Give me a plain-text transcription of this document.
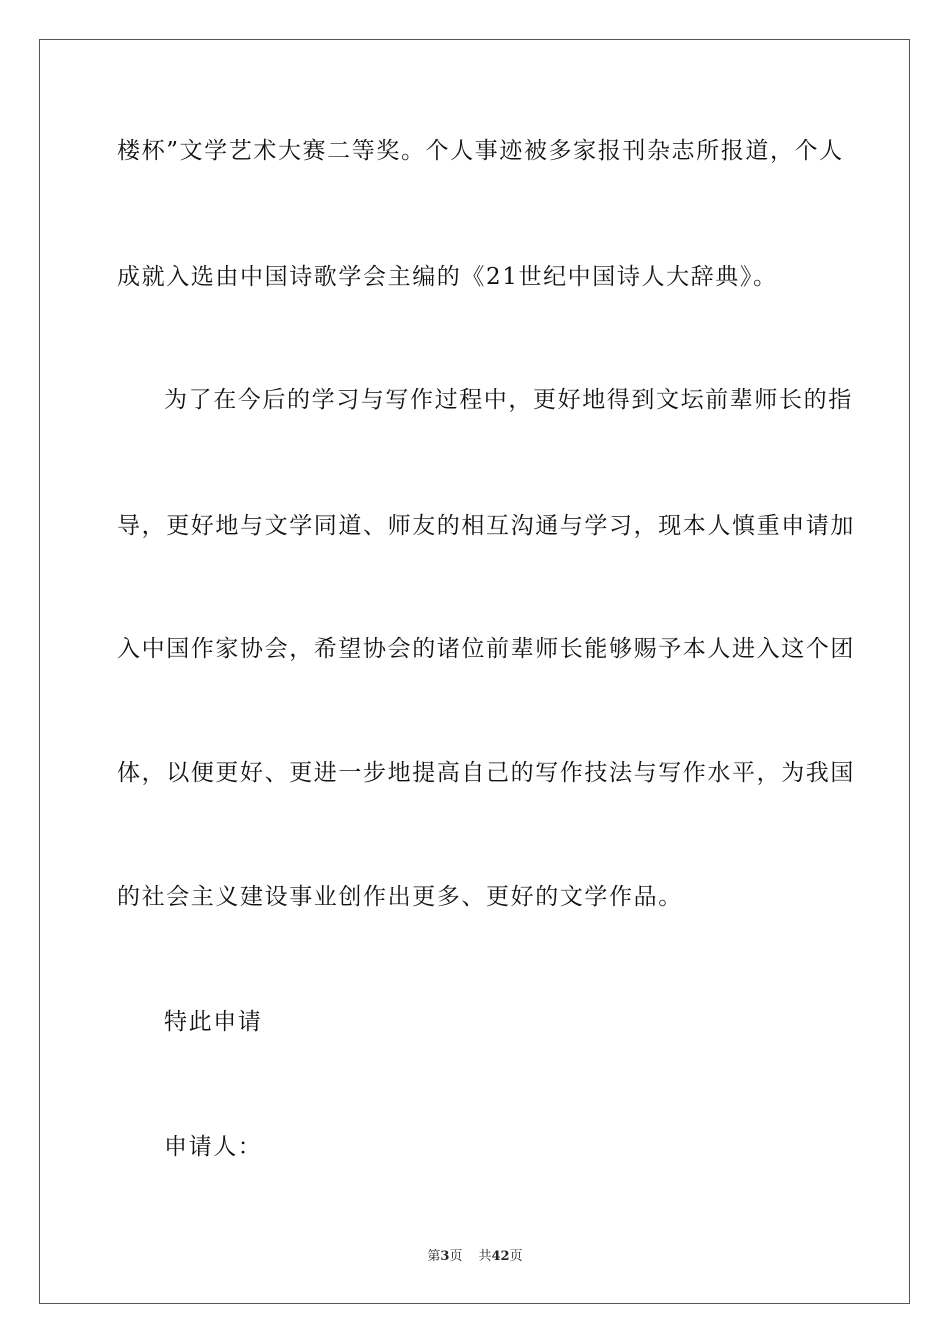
楼杯”文学艺术大赛二等奖。个人事迹被多家报刊杂志所报道，个人
成就入选由中国诗歌学会主编的《21世纪中国诗人大辞典》。
为了在今后的学习与写作过程中，更好地得到文坛前辈师长的指
导，更好地与文学同道、师友的相互沟通与学习，现本人慎重申请加
入中国作家协会，希望协会的诸位前辈师长能够赐予本人进入这个团
体，以便更好、更进一步地提高自己的写作技法与写作水平，为我国
的社会主义建设事业创作出更多、更好的文学作品。
特此申请
申请人：
第3页 共42页
